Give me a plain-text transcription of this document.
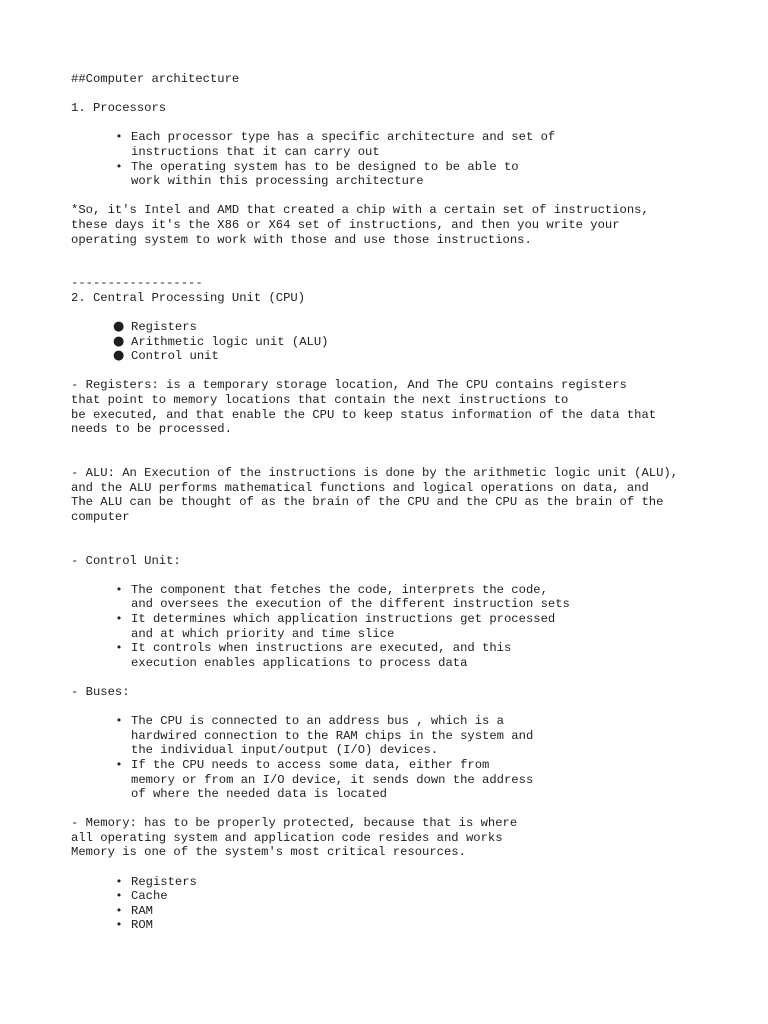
##Computer architecture
1. Processors
• Each processor type has a specific architecture and set of
instructions that it can carry out
• The operating system has to be designed to be able to
work within this processing architecture
*So, it's Intel and AMD that created a chip with a certain set of instructions,
these days it's the X86 or X64 set of instructions, and then you write your
operating system to work with those and use those instructions.
------------------
2. Central Processing Unit (CPU)
● Registers
● Arithmetic logic unit (ALU)
● Control unit
- Registers: is a temporary storage location, And The CPU contains registers
that point to memory locations that contain the next instructions to
be executed, and that enable the CPU to keep status information of the data that
needs to be processed.
- ALU: An Execution of the instructions is done by the arithmetic logic unit (ALU),
and the ALU performs mathematical functions and logical operations on data, and
The ALU can be thought of as the brain of the CPU and the CPU as the brain of the
computer
- Control Unit:
• The component that fetches the code, interprets the code,
and oversees the execution of the different instruction sets
• It determines which application instructions get processed
and at which priority and time slice
• It controls when instructions are executed, and this
execution enables applications to process data
- Buses:
• The CPU is connected to an address bus , which is a
hardwired connection to the RAM chips in the system and
the individual input/output (I/O) devices.
• If the CPU needs to access some data, either from
memory or from an I/O device, it sends down the address
of where the needed data is located
- Memory: has to be properly protected, because that is where
all operating system and application code resides and works
Memory is one of the system's most critical resources.
• Registers
• Cache
• RAM
• ROM
